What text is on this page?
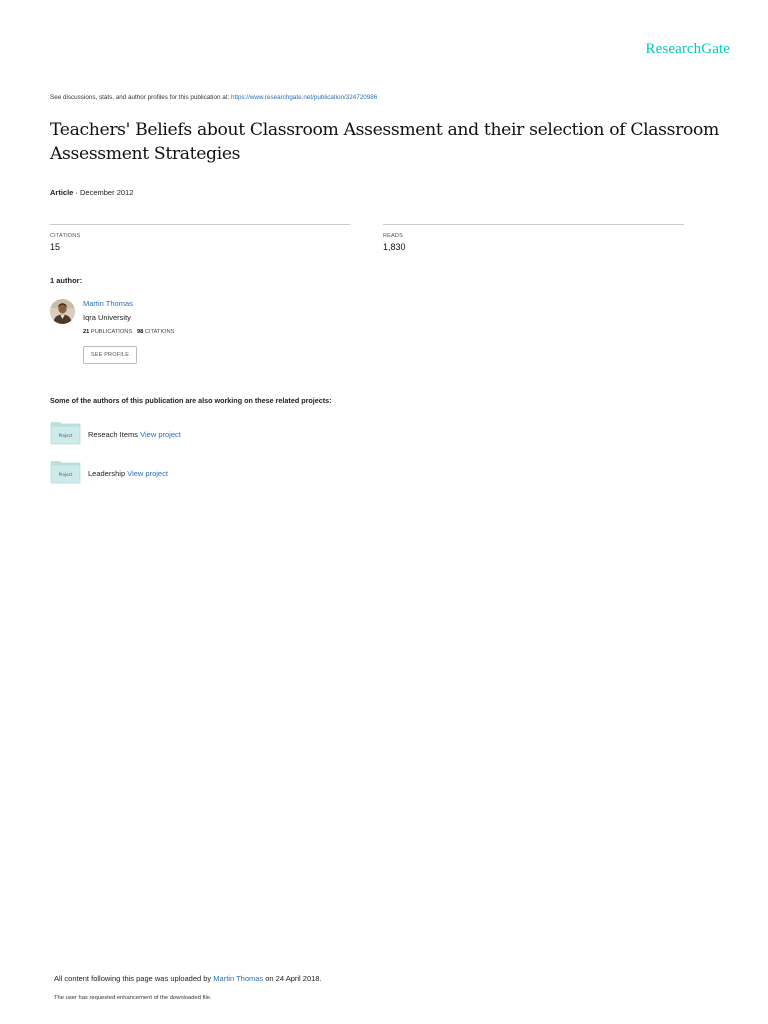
ResearchGate
See discussions, stats, and author profiles for this publication at: https://www.researchgate.net/publication/324720986
Teachers' Beliefs about Classroom Assessment and their selection of Classroom Assessment Strategies
Article · December 2012
CITATIONS
15
READS
1,830
1 author:
Martin Thomas
Iqra University
21 PUBLICATIONS 98 CITATIONS
SEE PROFILE
Some of the authors of this publication are also working on these related projects:
Project Reseach Items View project
Project Leadership View project
All content following this page was uploaded by Martin Thomas on 24 April 2018.
The user has requested enhancement of the downloaded file.
